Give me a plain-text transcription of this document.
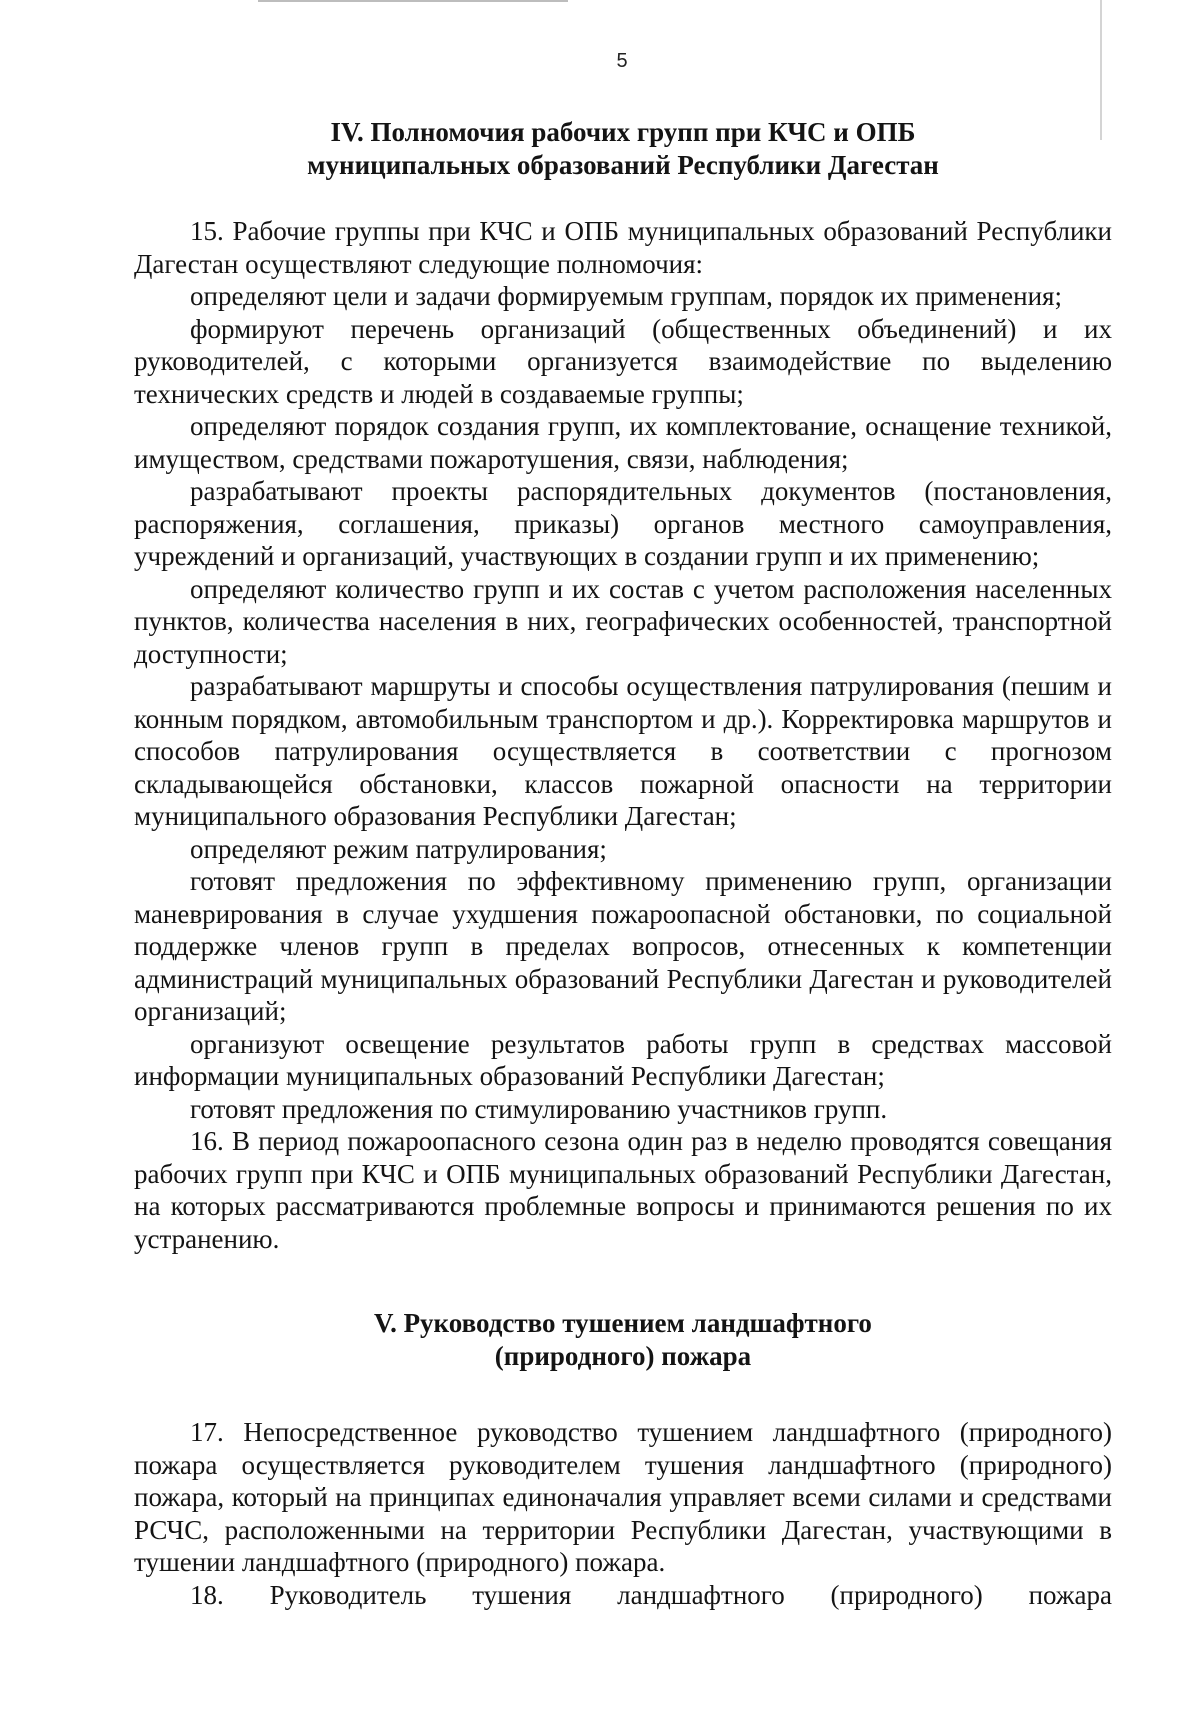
5
IV. Полномочия рабочих групп при КЧС и ОПБ
муниципальных образований Республики Дагестан

15. Рабочие группы при КЧС и ОПБ муниципальных образований Республики Дагестан осуществляют следующие полномочия:

определяют цели и задачи формируемым группам, порядок их применения;

формируют перечень организаций (общественных объединений) и их руководителей, с которыми организуется взаимодействие по выделению технических средств и людей в создаваемые группы;

определяют порядок создания групп, их комплектование, оснащение техникой, имуществом, средствами пожаротушения, связи, наблюдения;

разрабатывают проекты распорядительных документов (постановления, распоряжения, соглашения, приказы) органов местного самоуправления, учреждений и организаций, участвующих в создании групп и их применению;

определяют количество групп и их состав с учетом расположения населенных пунктов, количества населения в них, географических особенностей, транспортной доступности;

разрабатывают маршруты и способы осуществления патрулирования (пешим и конным порядком, автомобильным транспортом и др.). Корректировка маршрутов и способов патрулирования осуществляется в соответствии с прогнозом складывающейся обстановки, классов пожарной опасности на территории муниципального образования Республики Дагестан;

определяют режим патрулирования;

готовят предложения по эффективному применению групп, организации маневрирования в случае ухудшения пожароопасной обстановки, по социальной поддержке членов групп в пределах вопросов, отнесенных к компетенции администраций муниципальных образований Республики Дагестан и руководителей организаций;

организуют освещение результатов работы групп в средствах массовой информации муниципальных образований Республики Дагестан;

готовят предложения по стимулированию участников групп.

16. В период пожароопасного сезона один раз в неделю проводятся совещания рабочих групп при КЧС и ОПБ муниципальных образований Республики Дагестан, на которых рассматриваются проблемные вопросы и принимаются решения по их устранению.

V. Руководство тушением ландшафтного
(природного) пожара

17. Непосредственное руководство тушением ландшафтного (природного) пожара осуществляется руководителем тушения ландшафтного (природного) пожара, который на принципах единоначалия управляет всеми силами и средствами РСЧС, расположенными на территории Республики Дагестан, участвующими в тушении ландшафтного (природного) пожара.

18. Руководитель тушения ландшафтного (природного) пожара
